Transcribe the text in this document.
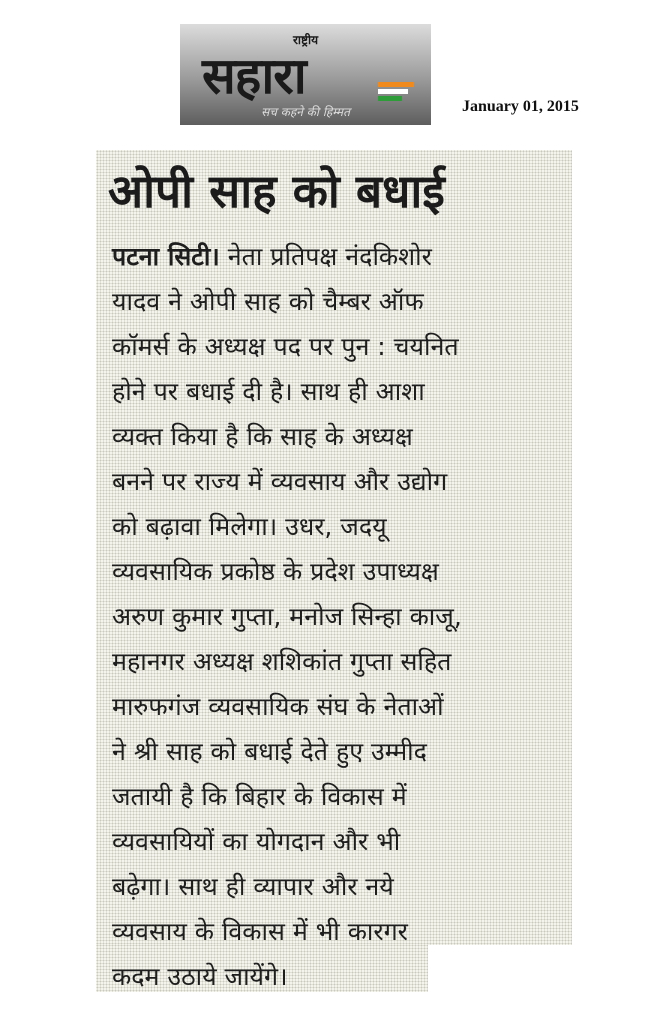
राष्ट्रीय
सहारा
सच कहने की हिम्मत	January 01, 2015
ओपी साह को बधाई
पटना सिटी। नेता प्रतिपक्ष नंदकिशोर
यादव ने ओपी साह को चैम्बर ऑफ
कॉमर्स के अध्यक्ष पद पर पुन : चयनित
होने पर बधाई दी है। साथ ही आशा
व्यक्त किया है कि साह के अध्यक्ष
बनने पर राज्य में व्यवसाय और उद्योग
को बढ़ावा मिलेगा। उधर, जदयू
व्यवसायिक प्रकोष्ठ के प्रदेश उपाध्यक्ष
अरुण कुमार गुप्ता, मनोज सिन्हा काजू,
महानगर अध्यक्ष शशिकांत गुप्ता सहित
मारुफगंज व्यवसायिक संघ के नेताओं
ने श्री साह को बधाई देते हुए उम्मीद
जतायी है कि बिहार के विकास में
व्यवसायियों का योगदान और भी
बढ़ेगा। साथ ही व्यापार और नये
व्यवसाय के विकास में भी कारगर
कदम उठाये जायेंगे।
